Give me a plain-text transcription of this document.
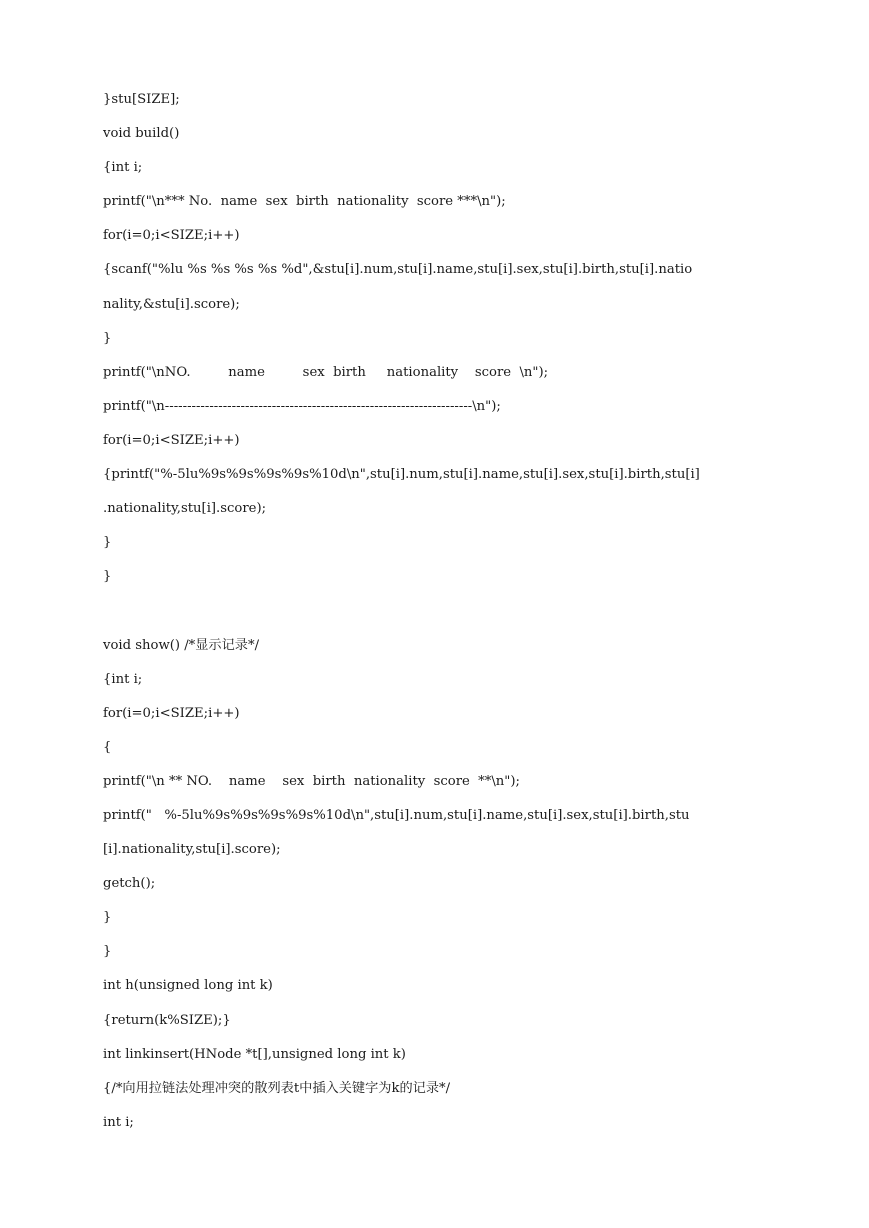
}stu[SIZE];
void build()
{int i;
printf("\n*** No.  name  sex  birth  nationality  score ***\n");
for(i=0;i<SIZE;i++)
{scanf("%lu %s %s %s %s %d",&stu[i].num,stu[i].name,stu[i].sex,stu[i].birth,stu[i].natio
nality,&stu[i].score);
}
printf("\nNO.         name         sex  birth     nationality    score  \n");
printf("\n---------------------------------------------------------------------\n");
for(i=0;i<SIZE;i++)
{printf("%-5lu%9s%9s%9s%9s%10d\n",stu[i].num,stu[i].name,stu[i].sex,stu[i].birth,stu[i]
.nationality,stu[i].score);
}
}
void show() /*显示记录*/
{int i;
for(i=0;i<SIZE;i++)
{
printf("\n ** NO.    name    sex  birth  nationality  score  **\n");
printf("   %-5lu%9s%9s%9s%9s%10d\n",stu[i].num,stu[i].name,stu[i].sex,stu[i].birth,stu
[i].nationality,stu[i].score);
getch();
}
}
int h(unsigned long int k)
{return(k%SIZE);}
int linkinsert(HNode *t[],unsigned long int k)
{/*向用拉链法处理冲突的散列表t中插入关键字为k的记录*/
int i;
